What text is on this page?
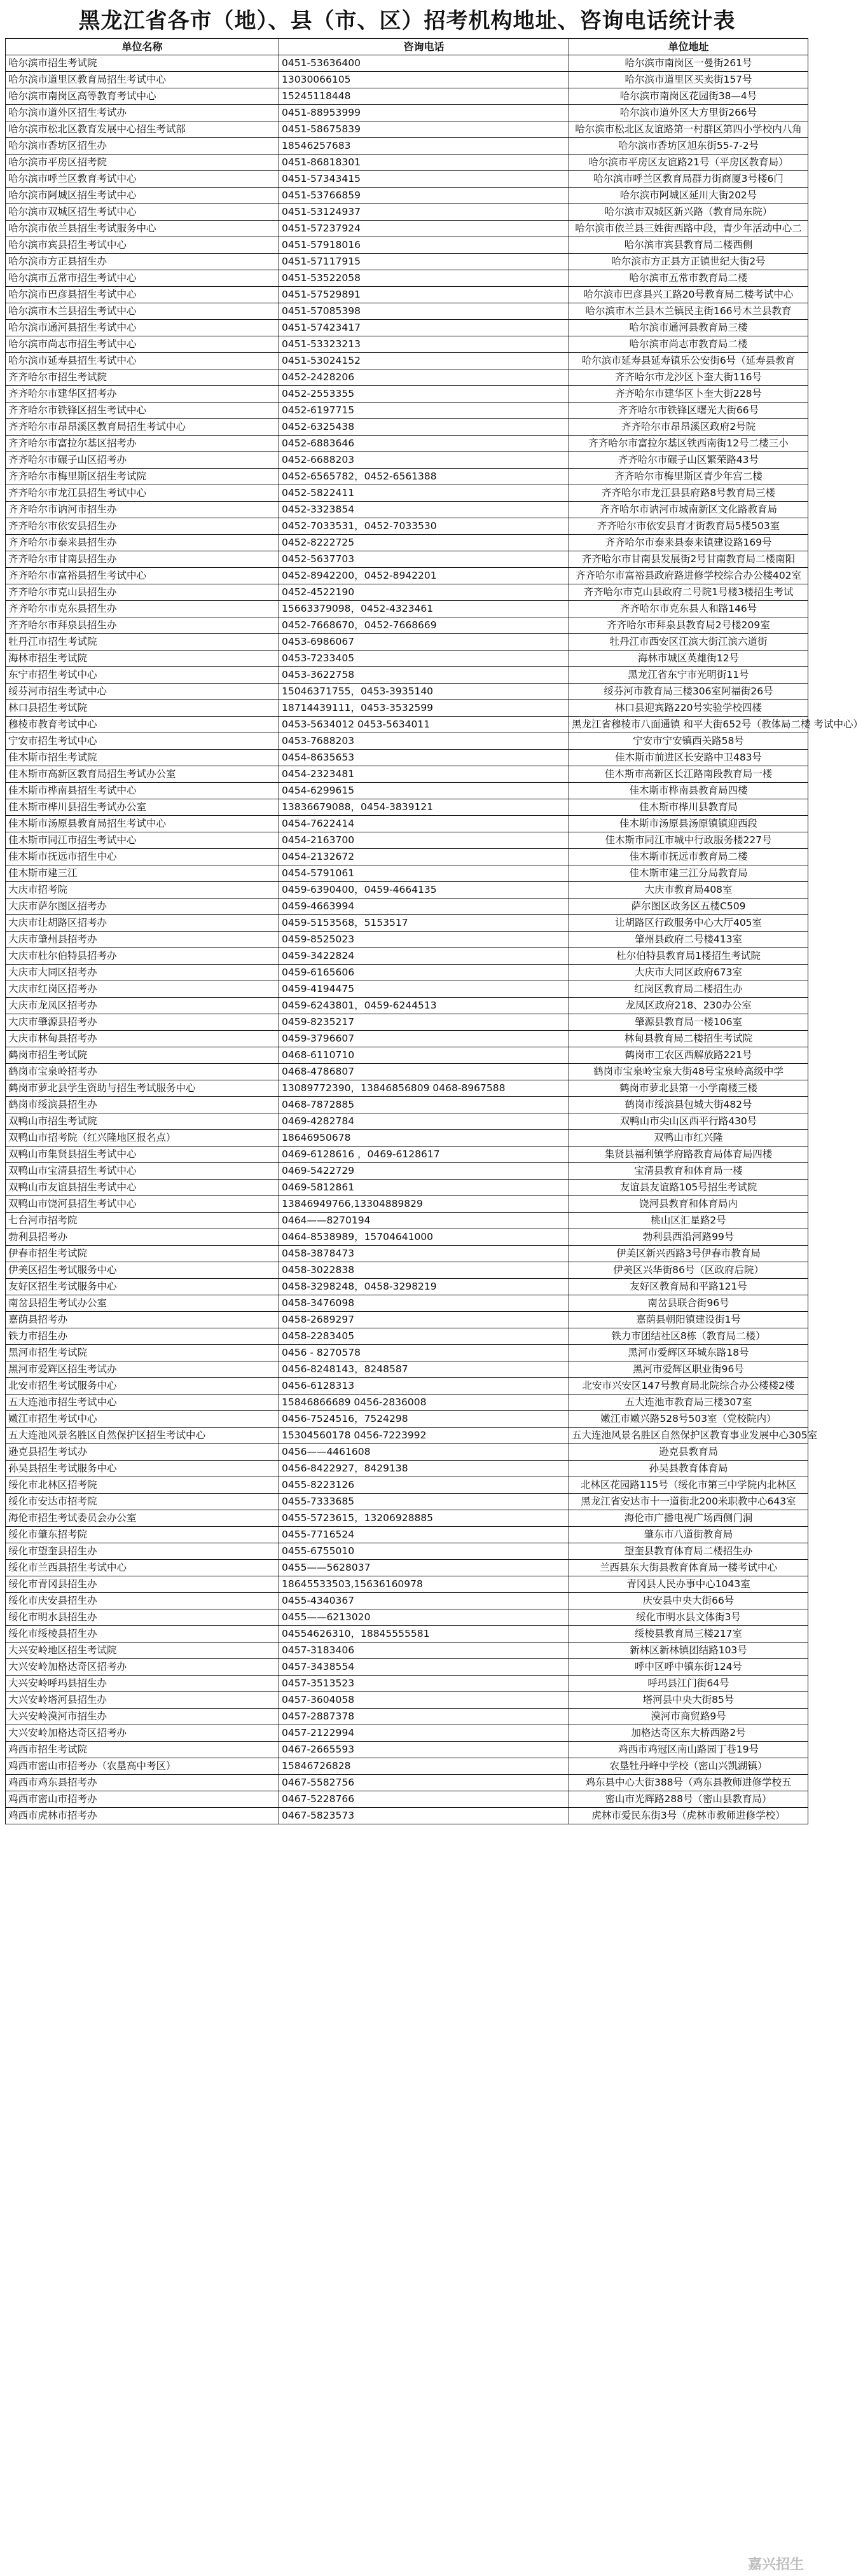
黑龙江省各市（地）、县（市、区）招考机构地址、咨询电话统计表
单位名称	咨询电话	单位地址
哈尔滨市招生考试院	0451-53636400	哈尔滨市南岗区一曼街261号
哈尔滨市道里区教育局招生考试中心	13030066105	哈尔滨市道里区买卖街157号
哈尔滨市南岗区高等教育考试中心	15245118448	哈尔滨市南岗区花园街38—4号
哈尔滨市道外区招生考试办	0451-88953999	哈尔滨市道外区大方里街266号
哈尔滨市松北区教育发展中心招生考试部	0451-58675839	哈尔滨市松北区友谊路第一村群区第四小学校内八角
哈尔滨市香坊区招生办	18546257683	哈尔滨市香坊区旭东街55-7-2号
哈尔滨市平房区招考院	0451-86818301	哈尔滨市平房区友谊路21号（平房区教育局）
哈尔滨市呼兰区教育考试中心	0451-57343415	哈尔滨市呼兰区教育局群力街商厦3号楼6门
哈尔滨市阿城区招生考试中心	0451-53766859	哈尔滨市阿城区延川大街202号
哈尔滨市双城区招生考试中心	0451-53124937	哈尔滨市双城区新兴路（教育局东院）
哈尔滨市依兰县招生考试服务中心	0451-57237924	哈尔滨市依兰县三姓街西路中段，青少年活动中心二
哈尔滨市宾县招生考试中心	0451-57918016	哈尔滨市宾县教育局二楼西侧
哈尔滨市方正县招生办	0451-57117915	哈尔滨市方正县方正镇世纪大街2号
哈尔滨市五常市招生考试中心	0451-53522058	哈尔滨市五常市教育局二楼
哈尔滨市巴彦县招生考试中心	0451-57529891	哈尔滨市巴彦县兴工路20号教育局二楼考试中心
哈尔滨市木兰县招生考试中心	0451-57085398	哈尔滨市木兰县木兰镇民主街166号木兰县教育
哈尔滨市通河县招生考试中心	0451-57423417	哈尔滨市通河县教育局三楼
哈尔滨市尚志市招生考试中心	0451-53323213	哈尔滨市尚志市教育局二楼
哈尔滨市延寿县招生考试中心	0451-53024152	哈尔滨市延寿县延寿镇乐公安街6号（延寿县教育
齐齐哈尔市招生考试院	0452-2428206	齐齐哈尔市龙沙区卜奎大街116号
齐齐哈尔市建华区招考办	0452-2553355	齐齐哈尔市建华区卜奎大街228号
齐齐哈尔市铁锋区招生考试中心	0452-6197715	齐齐哈尔市铁锋区曙光大街66号
齐齐哈尔市昂昂溪区教育局招生考试中心	0452-6325438	齐齐哈尔市昂昂溪区政府2号院
齐齐哈尔市富拉尔基区招考办	0452-6883646	齐齐哈尔市富拉尔基区铁西南街12号二楼三小
齐齐哈尔市碾子山区招考办	0452-6688203	齐齐哈尔市碾子山区繁荣路43号
齐齐哈尔市梅里斯区招生考试院	0452-6565782，0452-6561388	齐齐哈尔市梅里斯区青少年宫二楼
齐齐哈尔市龙江县招生考试中心	0452-5822411	齐齐哈尔市龙江县县府路8号教育局三楼
齐齐哈尔市讷河市招生办	0452-3323854	齐齐哈尔市讷河市城南新区文化路教育局
齐齐哈尔市依安县招生办	0452-7033531，0452-7033530	齐齐哈尔市依安县育才街教育局5楼503室
齐齐哈尔市泰来县招生办	0452-8222725	齐齐哈尔市泰来县泰来镇建设路169号
齐齐哈尔市甘南县招生办	0452-5637703	齐齐哈尔市甘南县发展街2号甘南教育局二楼南阳
齐齐哈尔市富裕县招生考试中心	0452-8942200，0452-8942201	齐齐哈尔市富裕县政府路进修学校综合办公楼402室
齐齐哈尔市克山县招生办	0452-4522190	齐齐哈尔市克山县政府二号院1号楼3楼招生考试
齐齐哈尔市克东县招生办	15663379098，0452-4323461	齐齐哈尔市克东县人和路146号
齐齐哈尔市拜泉县招生办	0452-7668670，0452-7668669	齐齐哈尔市拜泉县教育局2号楼209室
牡丹江市招生考试院	0453-6986067	牡丹江市西安区江滨大街江滨六道街
海林市招生考试院	0453-7233405	海林市城区英雄街12号
东宁市招生考试中心	0453-3622758	黑龙江省东宁市光明街11号
绥芬河市招生考试中心	15046371755，0453-3935140	绥芬河市教育局三楼306室阿福街26号
林口县招生考试院	18714439111，0453-3532599	林口县迎宾路220号实验学校四楼
穆棱市教育考试中心	0453-5634012 0453-5634011	黑龙江省穆棱市八面通镇 和平大街652号（教体局二楼 考试中心）
宁安市招生考试中心	0453-7688203	宁安市宁安镇西关路58号
佳木斯市招生考试院	0454-8635653	佳木斯市前进区长安路中卫483号
佳木斯市高新区教育局招生考试办公室	0454-2323481	佳木斯市高新区长江路南段教育局一楼
佳木斯市桦南县招生考试中心	0454-6299615	佳木斯市桦南县教育局四楼
佳木斯市桦川县招生考试办公室	13836679088，0454-3839121	佳木斯市桦川县教育局
佳木斯市汤原县教育局招生考试中心	0454-7622414	佳木斯市汤原县汤原镇镇迎西段
佳木斯市同江市招生考试中心	0454-2163700	佳木斯市同江市城中行政服务楼227号
佳木斯市抚远市招生中心	0454-2132672	佳木斯市抚远市教育局二楼
佳木斯市建三江	0454-5791061	佳木斯市建三江分局教育局
大庆市招考院	0459-6390400，0459-4664135	大庆市教育局408室
大庆市萨尔图区招考办	0459-4663994	萨尔图区政务区五楼C509
大庆市让胡路区招考办	0459-5153568，5153517	让胡路区行政服务中心大厅405室
大庆市肇州县招考办	0459-8525023	肇州县政府二号楼413室
大庆市杜尔伯特县招考办	0459-3422824	杜尔伯特县教育局1楼招生考试院
大庆市大同区招考办	0459-6165606	大庆市大同区政府673室
大庆市红岗区招考办	0459-4194475	红岗区教育局二楼招生办
大庆市龙凤区招考办	0459-6243801，0459-6244513	龙凤区政府218、230办公室
大庆市肇源县招考办	0459-8235217	肇源县教育局一楼106室
大庆市林甸县招考办	0459-3796607	林甸县教育局二楼招生考试院
鹤岗市招生考试院	0468-6110710	鹤岗市工农区西解放路221号
鹤岗市宝泉岭招考办	0468-4786807	鹤岗市宝泉岭宝泉大街48号宝泉岭高级中学
鹤岗市萝北县学生资助与招生考试服务中心	13089772390，13846856809 0468-8967588	鹤岗市萝北县第一小学南楼三楼
鹤岗市绥滨县招生办	0468-7872885	鹤岗市绥滨县包城大街482号
双鸭山市招生考试院	0469-4282784	双鸭山市尖山区西平行路430号
双鸭山市招考院（红兴隆地区报名点）	18646950678	双鸭山市红兴隆
双鸭山市集贤县招生考试中心	0469-6128616 ，0469-6128617	集贤县福利镇学府路教育局体育局四楼
双鸭山市宝清县招生考试中心	0469-5422729	宝清县教育和体育局一楼
双鸭山市友谊县招生考试中心	0469-5812861	友谊县友谊路105号招生考试院
双鸭山市饶河县招生考试中心	13846949766,13304889829	饶河县教育和体育局内
七台河市招考院	0464——8270194	桃山区汇星路2号
勃利县招考办	0464-8538989，15704641000	勃利县西沿河路99号
伊春市招生考试院	0458-3878473	伊美区新兴西路3号伊春市教育局
伊美区招生考试服务中心	0458-3022838	伊美区兴华街86号（区政府后院）
友好区招生考试服务中心	0458-3298248，0458-3298219	友好区教育局和平路121号
南岔县招生考试办公室	0458-3476098	南岔县联合街96号
嘉荫县招考办	0458-2689297	嘉荫县朝阳镇建设街1号
铁力市招生办	0458-2283405	铁力市团结社区8栋（教育局二楼）
黑河市招生考试院	0456 - 8270578	黑河市爱辉区环城东路18号
黑河市爱辉区招生考试办	0456-8248143，8248587	黑河市爱辉区职业街96号
北安市招生考试服务中心	0456-6128313	北安市兴安区147号教育局北院综合办公楼楼2楼
五大连池市招生考试中心	15846866689 0456-2836008	五大连池市教育局三楼307室
嫩江市招生考试中心	0456-7524516，7524298	嫩江市嫩兴路528号503室（党校院内）
五大连池风景名胜区自然保护区招生考试中心	15304560178 0456-7223992	五大连池风景名胜区自然保护区教育事业发展中心305室
逊克县招生考试办	0456——4461608	逊克县教育局
孙吴县招生考试服务中心	0456-8422927，8429138	孙吴县教育体育局
绥化市北林区招考院	0455-8223126	北林区花园路115号（绥化市第三中学院内北林区
绥化市安达市招考院	0455-7333685	黑龙江省安达市十一道街北200米职教中心643室
海伦市招生考试委员会办公室	0455-5723615，13206928885	海伦市广播电视广场西侧门洞
绥化市肇东招考院	0455-7716524	肇东市八道街教育局
绥化市望奎县招生办	0455-6755010	望奎县教育体育局二楼招生办
绥化市兰西县招生考试中心	0455——5628037	兰西县东大街县教育体育局一楼考试中心
绥化市青冈县招生办	18645533503,15636160978	青冈县人民办事中心1043室
绥化市庆安县招生办	0455-4340367	庆安县中央大街66号
绥化市明水县招生办	0455——6213020	绥化市明水县文体街3号
绥化市绥棱县招生办	04554626310，18845555581	绥棱县教育局三楼217室
大兴安岭地区招生考试院	0457-3183406	新林区新林镇团结路103号
大兴安岭加格达奇区招考办	0457-3438554	呼中区呼中镇东街124号
大兴安岭呼玛县招生办	0457-3513523	呼玛县江门街64号
大兴安岭塔河县招生办	0457-3604058	塔河县中央大街85号
大兴安岭漠河市招生办	0457-2887378	漠河市商贸路9号
大兴安岭加格达奇区招考办	0457-2122994	加格达奇区东大桥西路2号
鸡西市招生考试院	0467-2665593	鸡西市鸡冠区南山路园丁巷19号
鸡西市密山市招考办（农垦高中考区）	15846726828	农垦牡丹峰中学校（密山兴凯湖镇）
鸡西市鸡东县招考办	0467-5582756	鸡东县中心大街388号（鸡东县教师进修学校五
鸡西市密山市招考办	0467-5228766	密山市光辉路288号（密山县教育局）
鸡西市虎林市招考办	0467-5823573	虎林市爱民东街3号（虎林市教师进修学校）
嘉兴招生
